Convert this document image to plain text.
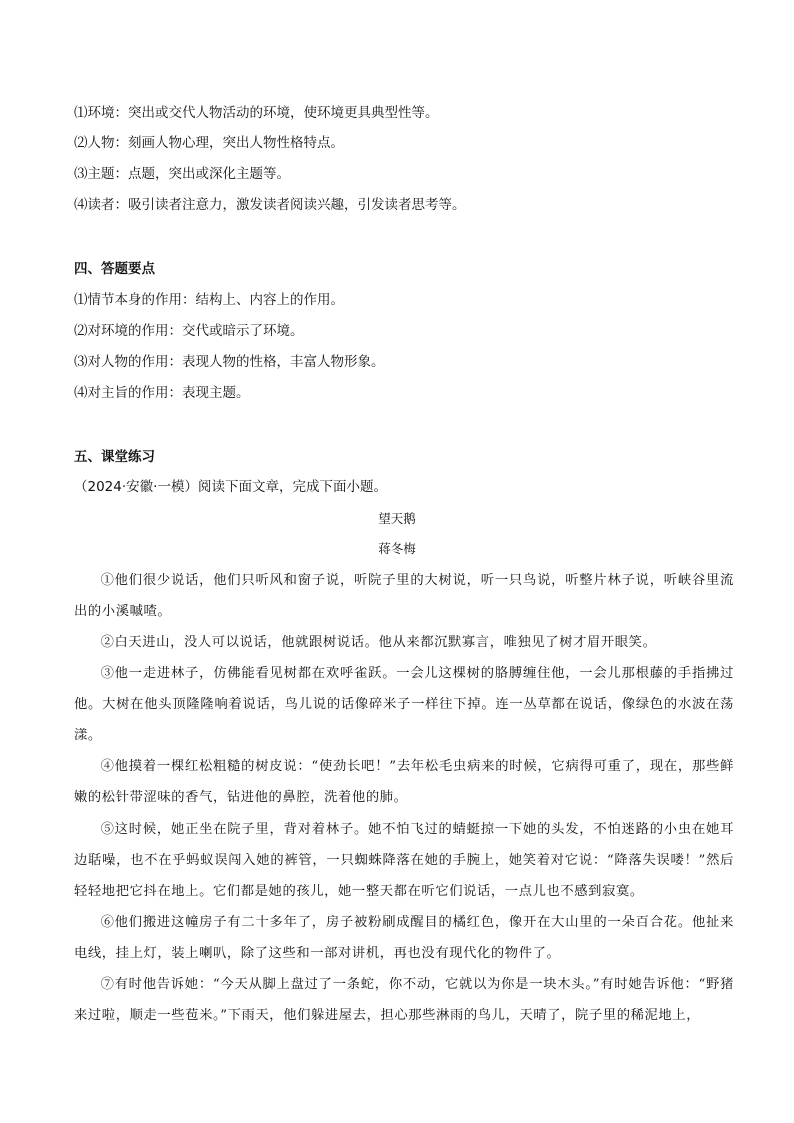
⑴环境：突出或交代人物活动的环境，使环境更具典型性等。
⑵人物：刻画人物心理，突出人物性格特点。
⑶主题：点题，突出或深化主题等。
⑷读者：吸引读者注意力，激发读者阅读兴趣，引发读者思考等。
四、答题要点
⑴情节本身的作用：结构上、内容上的作用。
⑵对环境的作用：交代或暗示了环境。
⑶对人物的作用：表现人物的性格，丰富人物形象。
⑷对主旨的作用：表现主题。
五、课堂练习
（2024·安徽·一模）阅读下面文章，完成下面小题。
望天鹅
蒋冬梅
①他们很少说话，他们只听风和窗子说，听院子里的大树说，听一只鸟说，听整片林子说，听峡谷里流出的小溪嘁喳。
②白天进山，没人可以说话，他就跟树说话。他从来都沉默寡言，唯独见了树才眉开眼笑。
③他一走进林子，仿佛能看见树都在欢呼雀跃。一会儿这棵树的胳膊缠住他，一会儿那根藤的手指拂过他。大树在他头顶隆隆响着说话，鸟儿说的话像碎米子一样往下掉。连一丛草都在说话，像绿色的水波在荡漾。
④他摸着一棵红松粗糙的树皮说：“使劲长吧！”去年松毛虫病来的时候，它病得可重了，现在，那些鲜嫩的松针带涩味的香气，钻进他的鼻腔，洗着他的肺。
⑤这时候，她正坐在院子里，背对着林子。她不怕飞过的蜻蜓掠一下她的头发，不怕迷路的小虫在她耳边聒噪，也不在乎蚂蚁误闯入她的裤管，一只蜘蛛降落在她的手腕上，她笑着对它说：“降落失误喽！”然后轻轻地把它抖在地上。它们都是她的孩儿，她一整天都在听它们说话，一点儿也不感到寂寞。
⑥他们搬进这幢房子有二十多年了，房子被粉刷成醒目的橘红色，像开在大山里的一朵百合花。他扯来电线，挂上灯，装上喇叭，除了这些和一部对讲机，再也没有现代化的物件了。
⑦有时他告诉她：“今天从脚上盘过了一条蛇，你不动，它就以为你是一块木头。”有时她告诉他：“野猪来过啦，顺走一些苞米。”下雨天，他们躲进屋去，担心那些淋雨的鸟儿，天晴了，院子里的稀泥地上，
